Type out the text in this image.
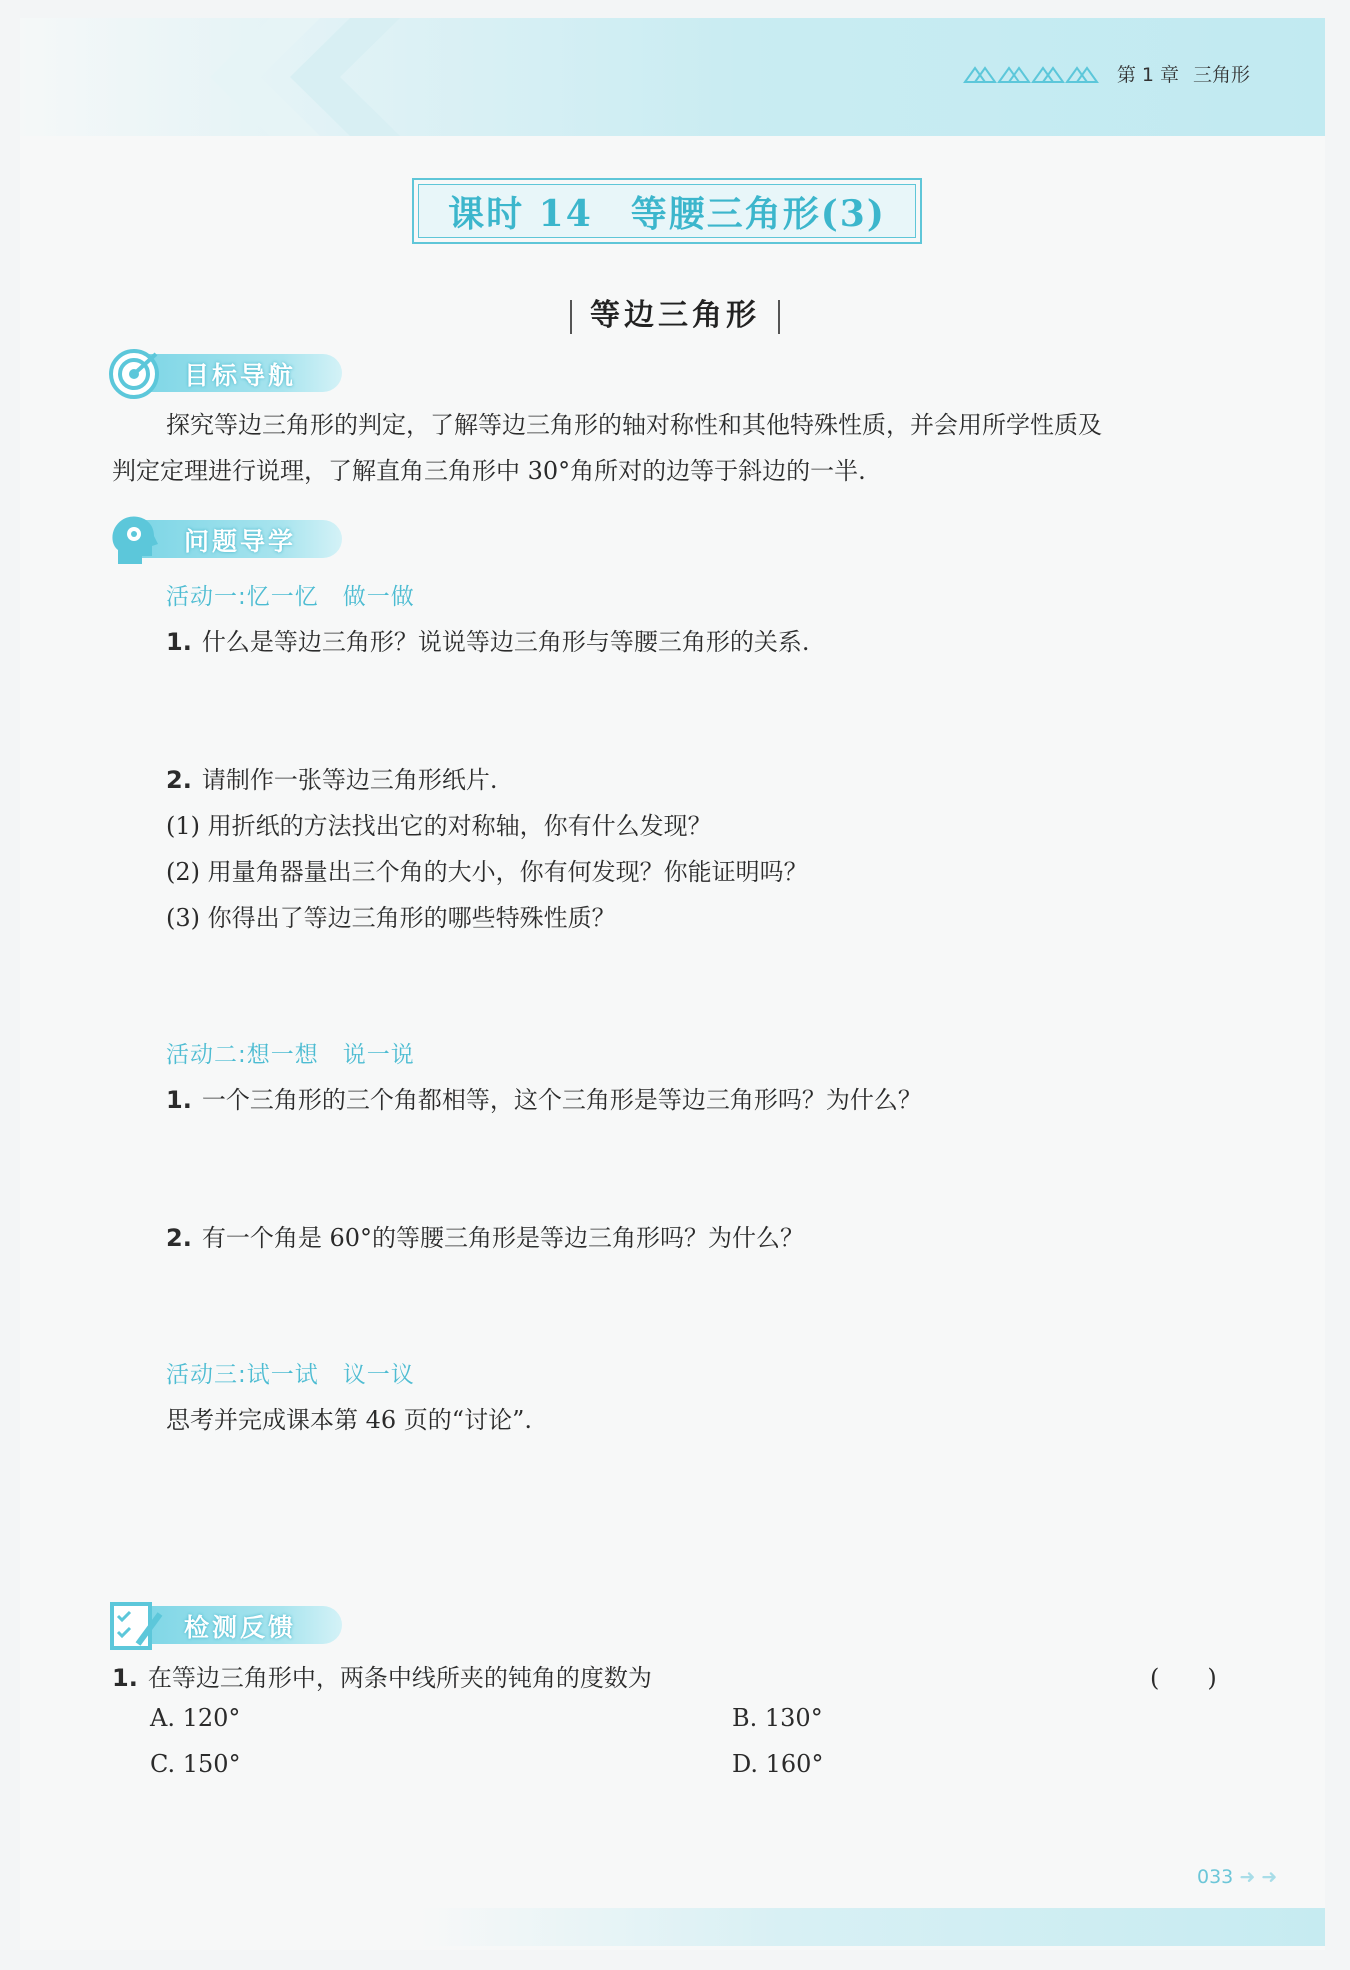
第 1 章 三角形
课时 14　等腰三角形(3)
等边三角形
目标导航
探究等边三角形的判定，了解等边三角形的轴对称性和其他特殊性质，并会用所学性质及
判定定理进行说理，了解直角三角形中 30°角所对的边等于斜边的一半.
问题导学
活动一:忆一忆　做一做
1. 什么是等边三角形？说说等边三角形与等腰三角形的关系.
2. 请制作一张等边三角形纸片.
(1) 用折纸的方法找出它的对称轴，你有什么发现？
(2) 用量角器量出三个角的大小，你有何发现？你能证明吗？
(3) 你得出了等边三角形的哪些特殊性质？
活动二:想一想　说一说
1. 一个三角形的三个角都相等，这个三角形是等边三角形吗？为什么？
2. 有一个角是 60°的等腰三角形是等边三角形吗？为什么？
活动三:试一试　议一议
思考并完成课本第 46 页的“讨论”.
检测反馈
1. 在等边三角形中，两条中线所夹的钝角的度数为	(　　)
A. 120°	B. 130°
C. 150°	D. 160°
033 ➜ ➜
